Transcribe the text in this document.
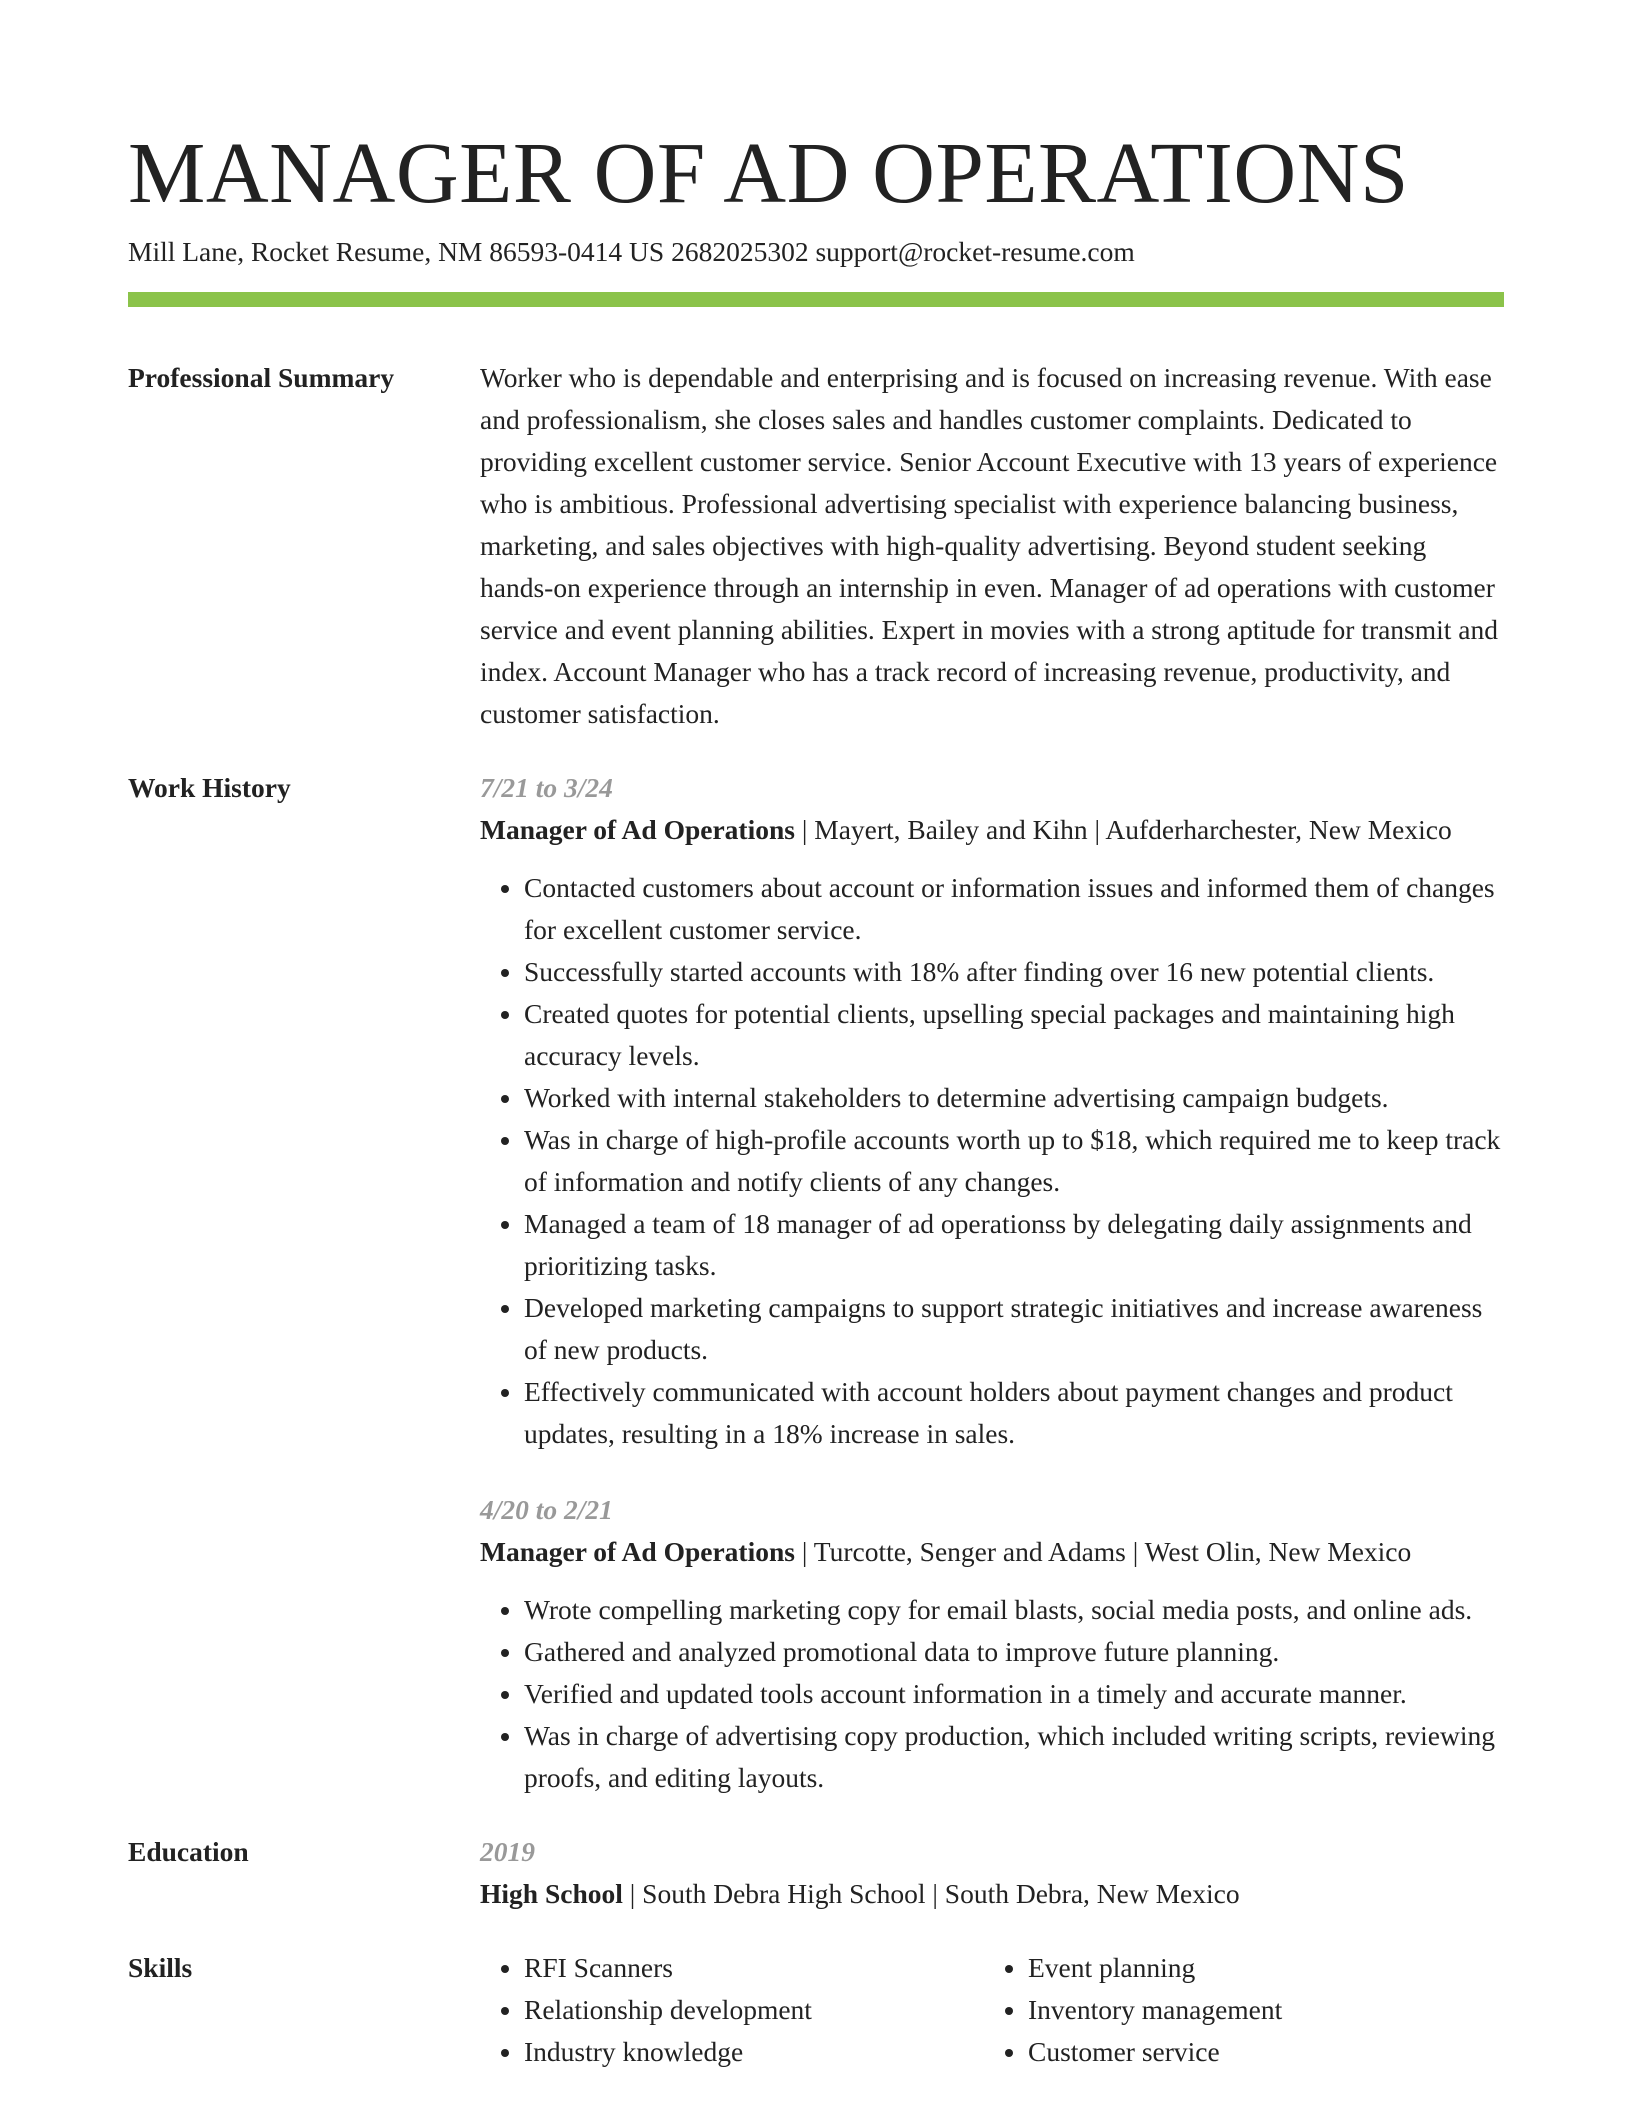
MANAGER OF AD OPERATIONS
Mill Lane, Rocket Resume, NM 86593-0414 US 2682025302 support@rocket-resume.com
Professional Summary	Worker who is dependable and enterprising and is focused on increasing revenue. With ease and professionalism, she closes sales and handles customer complaints. Dedicated to providing excellent customer service. Senior Account Executive with 13 years of experience who is ambitious. Professional advertising specialist with experience balancing business, marketing, and sales objectives with high-quality advertising. Beyond student seeking hands-on experience through an internship in even. Manager of ad operations with customer service and event planning abilities. Expert in movies with a strong aptitude for transmit and index. Account Manager who has a track record of increasing revenue, productivity, and customer satisfaction.

Work History	7/21 to 3/24
Manager of Ad Operations | Mayert, Bailey and Kihn | Aufderharchester, New Mexico
• Contacted customers about account or information issues and informed them of changes for excellent customer service.
• Successfully started accounts with 18% after finding over 16 new potential clients.
• Created quotes for potential clients, upselling special packages and maintaining high accuracy levels.
• Worked with internal stakeholders to determine advertising campaign budgets.
• Was in charge of high-profile accounts worth up to $18, which required me to keep track of information and notify clients of any changes.
• Managed a team of 18 manager of ad operationss by delegating daily assignments and prioritizing tasks.
• Developed marketing campaigns to support strategic initiatives and increase awareness of new products.
• Effectively communicated with account holders about payment changes and product updates, resulting in a 18% increase in sales.
4/20 to 2/21
Manager of Ad Operations | Turcotte, Senger and Adams | West Olin, New Mexico
• Wrote compelling marketing copy for email blasts, social media posts, and online ads.
• Gathered and analyzed promotional data to improve future planning.
• Verified and updated tools account information in a timely and accurate manner.
• Was in charge of advertising copy production, which included writing scripts, reviewing proofs, and editing layouts.
Education	2019
High School | South Debra High School | South Debra, New Mexico
Skills
•	RFI Scanners
• Relationship development
• Industry knowledge
• Event planning
• Inventory management
• Customer service
